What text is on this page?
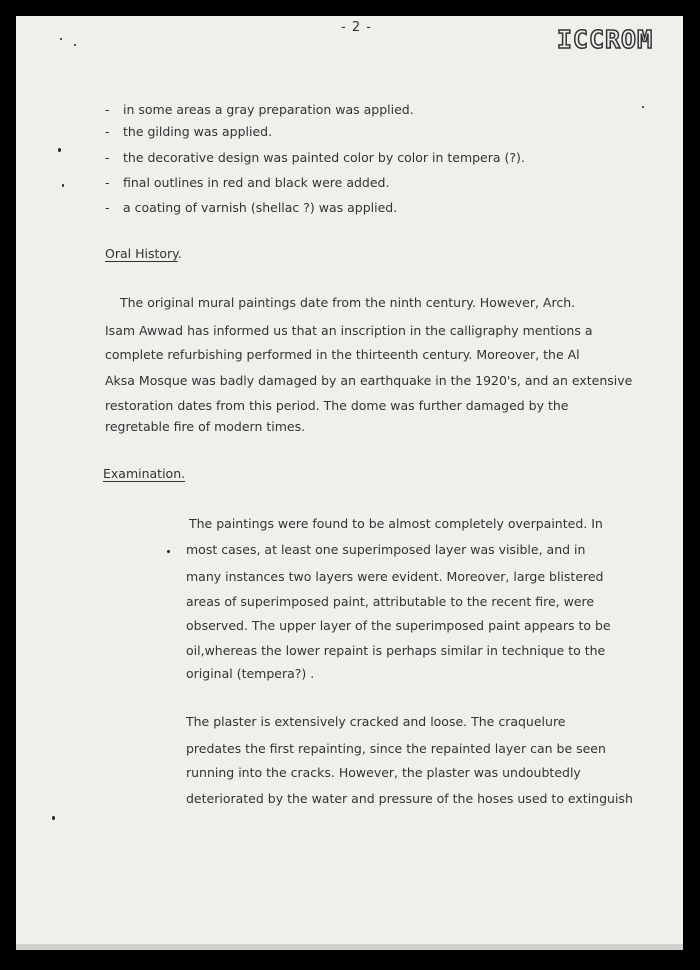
- 2 -	ICCROM
- in some areas a gray preparation was applied.
- the gilding was applied.
- the decorative design was painted color by color in tempera (?).
- final outlines in red and black were added.
- a coating of varnish (shellac ?) was applied.
Oral History.
The original mural paintings date from the ninth century. However, Arch.
Isam Awwad has informed us that an inscription in the calligraphy mentions a
complete refurbishing performed in the thirteenth century. Moreover, the Al
Aksa Mosque was badly damaged by an earthquake in the 1920's, and an extensive
restoration dates from this period. The dome was further damaged by the
regretable fire of modern times.
Examination.
The paintings were found to be almost completely overpainted. In
most cases, at least one superimposed layer was visible, and in
many instances two layers were evident. Moreover, large blistered
areas of superimposed paint, attributable to the recent fire, were
observed. The upper layer of the superimposed paint appears to be
oil,whereas the lower repaint is perhaps similar in technique to the
original (tempera?) .
The plaster is extensively cracked and loose. The craquelure
predates the first repainting, since the repainted layer can be seen
running into the cracks. However, the plaster was undoubtedly
deteriorated by the water and pressure of the hoses used to extinguish
